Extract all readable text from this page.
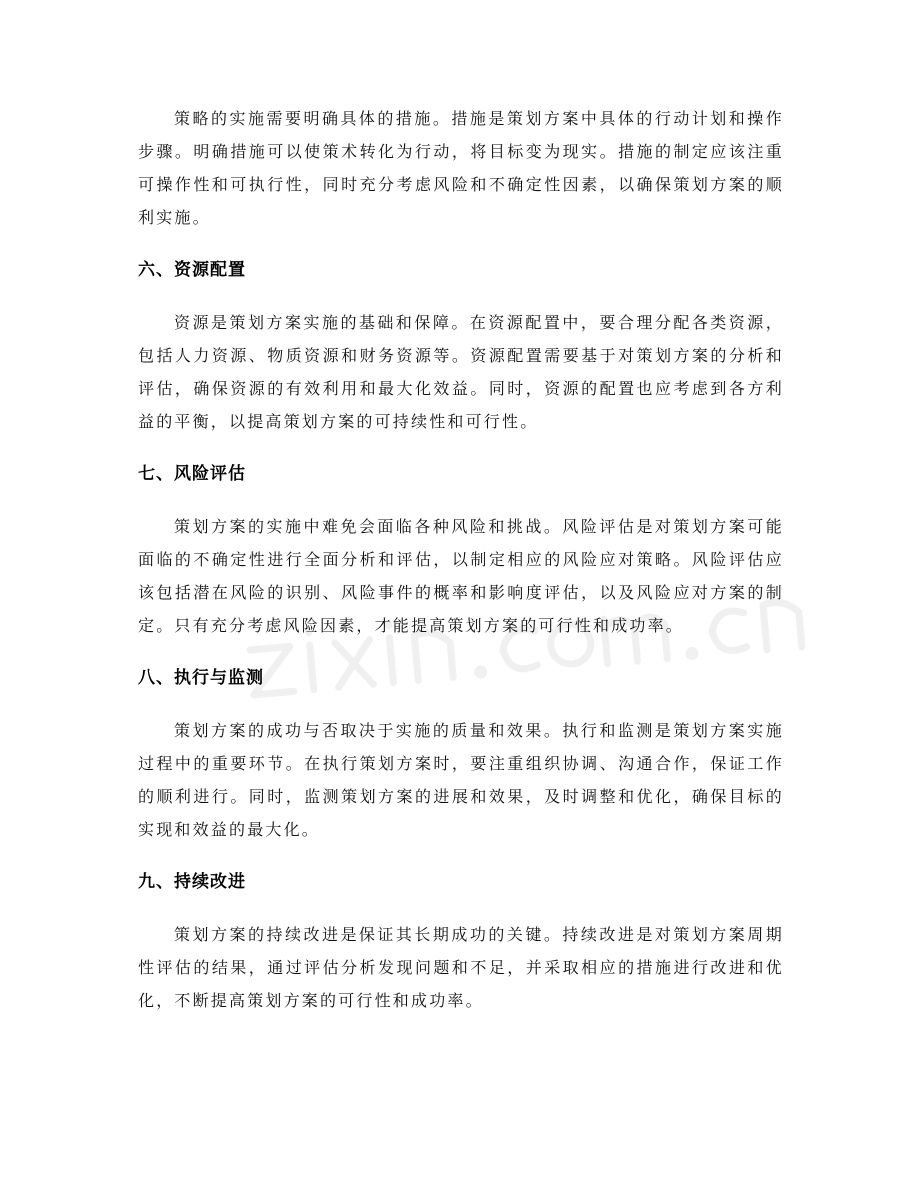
策略的实施需要明确具体的措施。措施是策划方案中具体的行动计划和操作步骤。明确措施可以使策术转化为行动，将目标变为现实。措施的制定应该注重可操作性和可执行性，同时充分考虑风险和不确定性因素，以确保策划方案的顺利实施。

六、资源配置

资源是策划方案实施的基础和保障。在资源配置中，要合理分配各类资源，包括人力资源、物质资源和财务资源等。资源配置需要基于对策划方案的分析和评估，确保资源的有效利用和最大化效益。同时，资源的配置也应考虑到各方利益的平衡，以提高策划方案的可持续性和可行性。

七、风险评估

策划方案的实施中难免会面临各种风险和挑战。风险评估是对策划方案可能面临的不确定性进行全面分析和评估，以制定相应的风险应对策略。风险评估应该包括潜在风险的识别、风险事件的概率和影响度评估，以及风险应对方案的制定。只有充分考虑风险因素，才能提高策划方案的可行性和成功率。

八、执行与监测

策划方案的成功与否取决于实施的质量和效果。执行和监测是策划方案实施过程中的重要环节。在执行策划方案时，要注重组织协调、沟通合作，保证工作的顺利进行。同时，监测策划方案的进展和效果，及时调整和优化，确保目标的实现和效益的最大化。

九、持续改进

策划方案的持续改进是保证其长期成功的关键。持续改进是对策划方案周期性评估的结果，通过评估分析发现问题和不足，并采取相应的措施进行改进和优化，不断提高策划方案的可行性和成功率。
